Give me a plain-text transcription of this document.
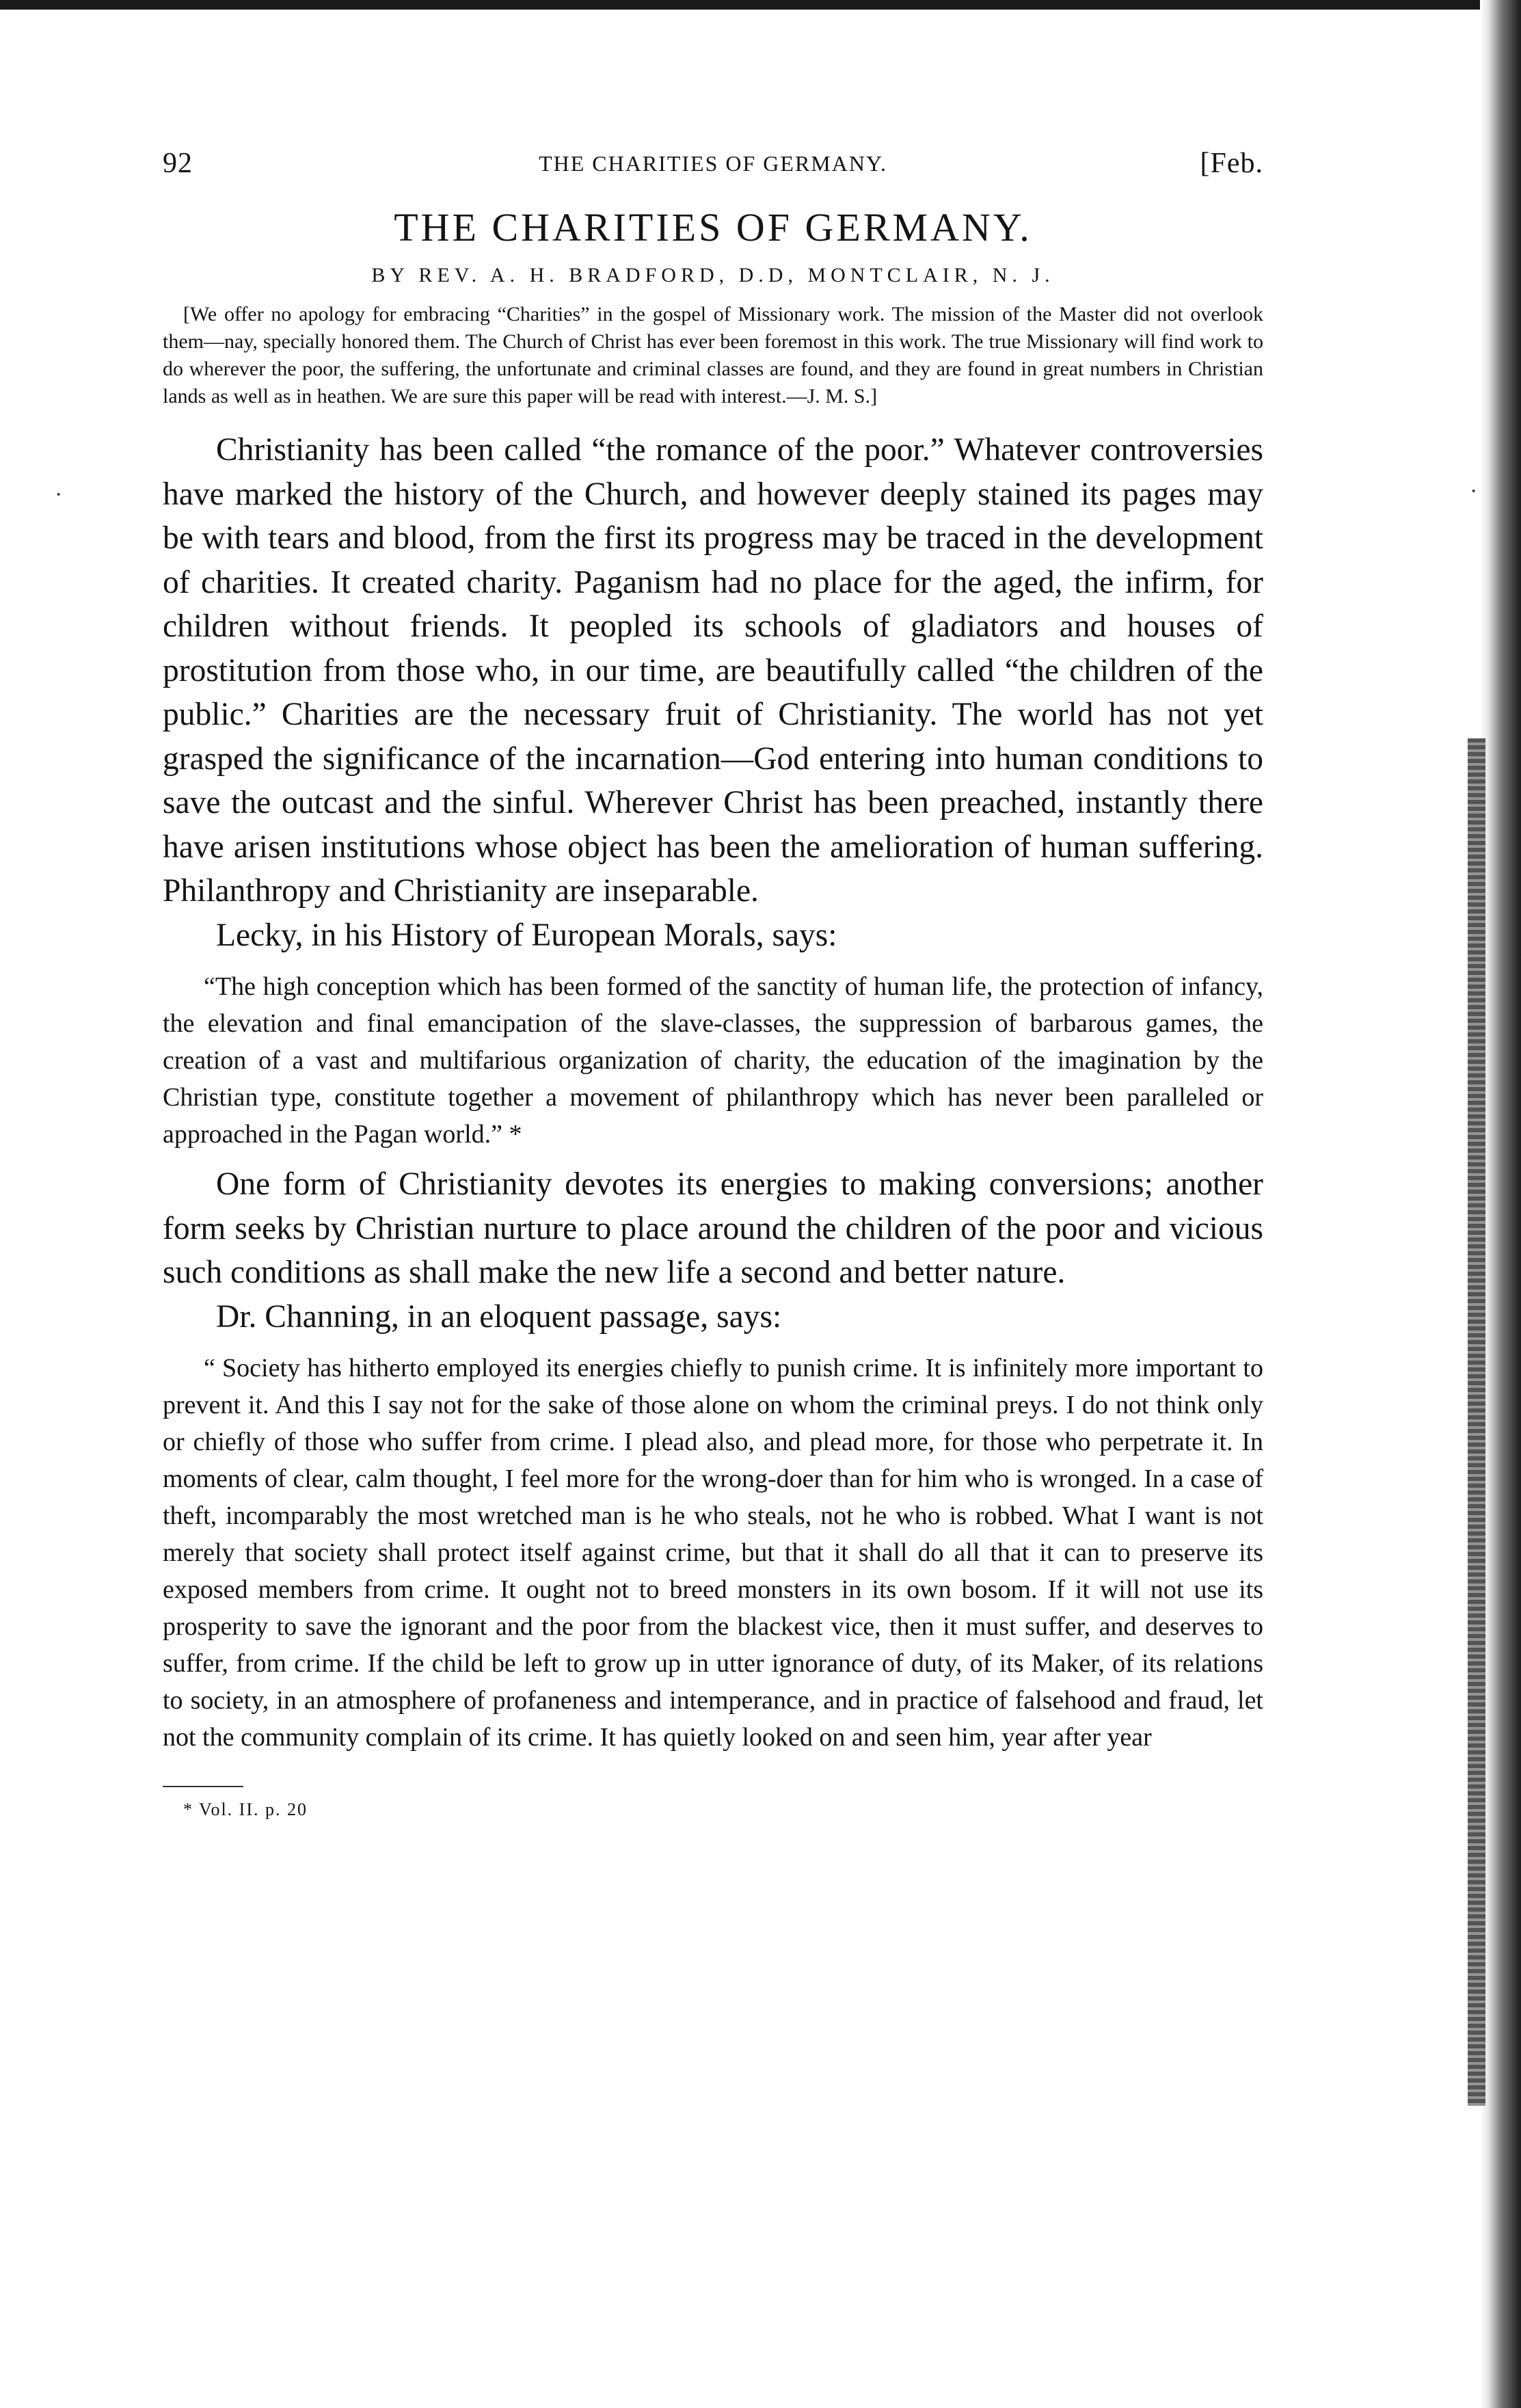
·	·
92	THE CHARITIES OF GERMANY.	[Feb.
THE CHARITIES OF GERMANY.
BY REV. A. H. BRADFORD, D.D, MONTCLAIR, N. J.

[We offer no apology for embracing “Charities” in the gospel of Missionary work. The mission of the Master did not overlook them—nay, specially honored them. The Church of Christ has ever been foremost in this work. The true Missionary will find work to do wherever the poor, the suffering, the unfortunate and criminal classes are found, and they are found in great numbers in Christian lands as well as in heathen. We are sure this paper will be read with interest.—J. M. S.]

Christianity has been called “the romance of the poor.” Whatever controversies have marked the history of the Church, and however deeply stained its pages may be with tears and blood, from the first its progress may be traced in the development of charities. It created charity. Paganism had no place for the aged, the infirm, for children without friends. It peopled its schools of gladiators and houses of prostitution from those who, in our time, are beautifully called “the children of the public.” Charities are the necessary fruit of Christianity. The world has not yet grasped the significance of the incarnation—God entering into human conditions to save the outcast and the sinful. Wherever Christ has been preached, instantly there have arisen institutions whose object has been the amelioration of human suffering. Philanthropy and Christianity are inseparable.

Lecky, in his History of European Morals, says:

“The high conception which has been formed of the sanctity of human life, the protection of infancy, the elevation and final emancipation of the slave-classes, the suppression of barbarous games, the creation of a vast and multifarious organization of charity, the education of the imagination by the Christian type, constitute together a movement of philanthropy which has never been paralleled or approached in the Pagan world.” *

One form of Christianity devotes its energies to making conversions; another form seeks by Christian nurture to place around the children of the poor and vicious such conditions as shall make the new life a second and better nature.

Dr. Channing, in an eloquent passage, says:

“ Society has hitherto employed its energies chiefly to punish crime. It is infinitely more important to prevent it. And this I say not for the sake of those alone on whom the criminal preys. I do not think only or chiefly of those who suffer from crime. I plead also, and plead more, for those who perpetrate it. In moments of clear, calm thought, I feel more for the wrong-doer than for him who is wronged. In a case of theft, incomparably the most wretched man is he who steals, not he who is robbed. What I want is not merely that society shall protect itself against crime, but that it shall do all that it can to preserve its exposed members from crime. It ought not to breed monsters in its own bosom. If it will not use its prosperity to save the ignorant and the poor from the blackest vice, then it must suffer, and deserves to suffer, from crime. If the child be left to grow up in utter ignorance of duty, of its Maker, of its relations to society, in an atmosphere of profaneness and intemperance, and in practice of falsehood and fraud, let not the community complain of its crime. It has quietly looked on and seen him, year after year

* Vol. II. p. 20
